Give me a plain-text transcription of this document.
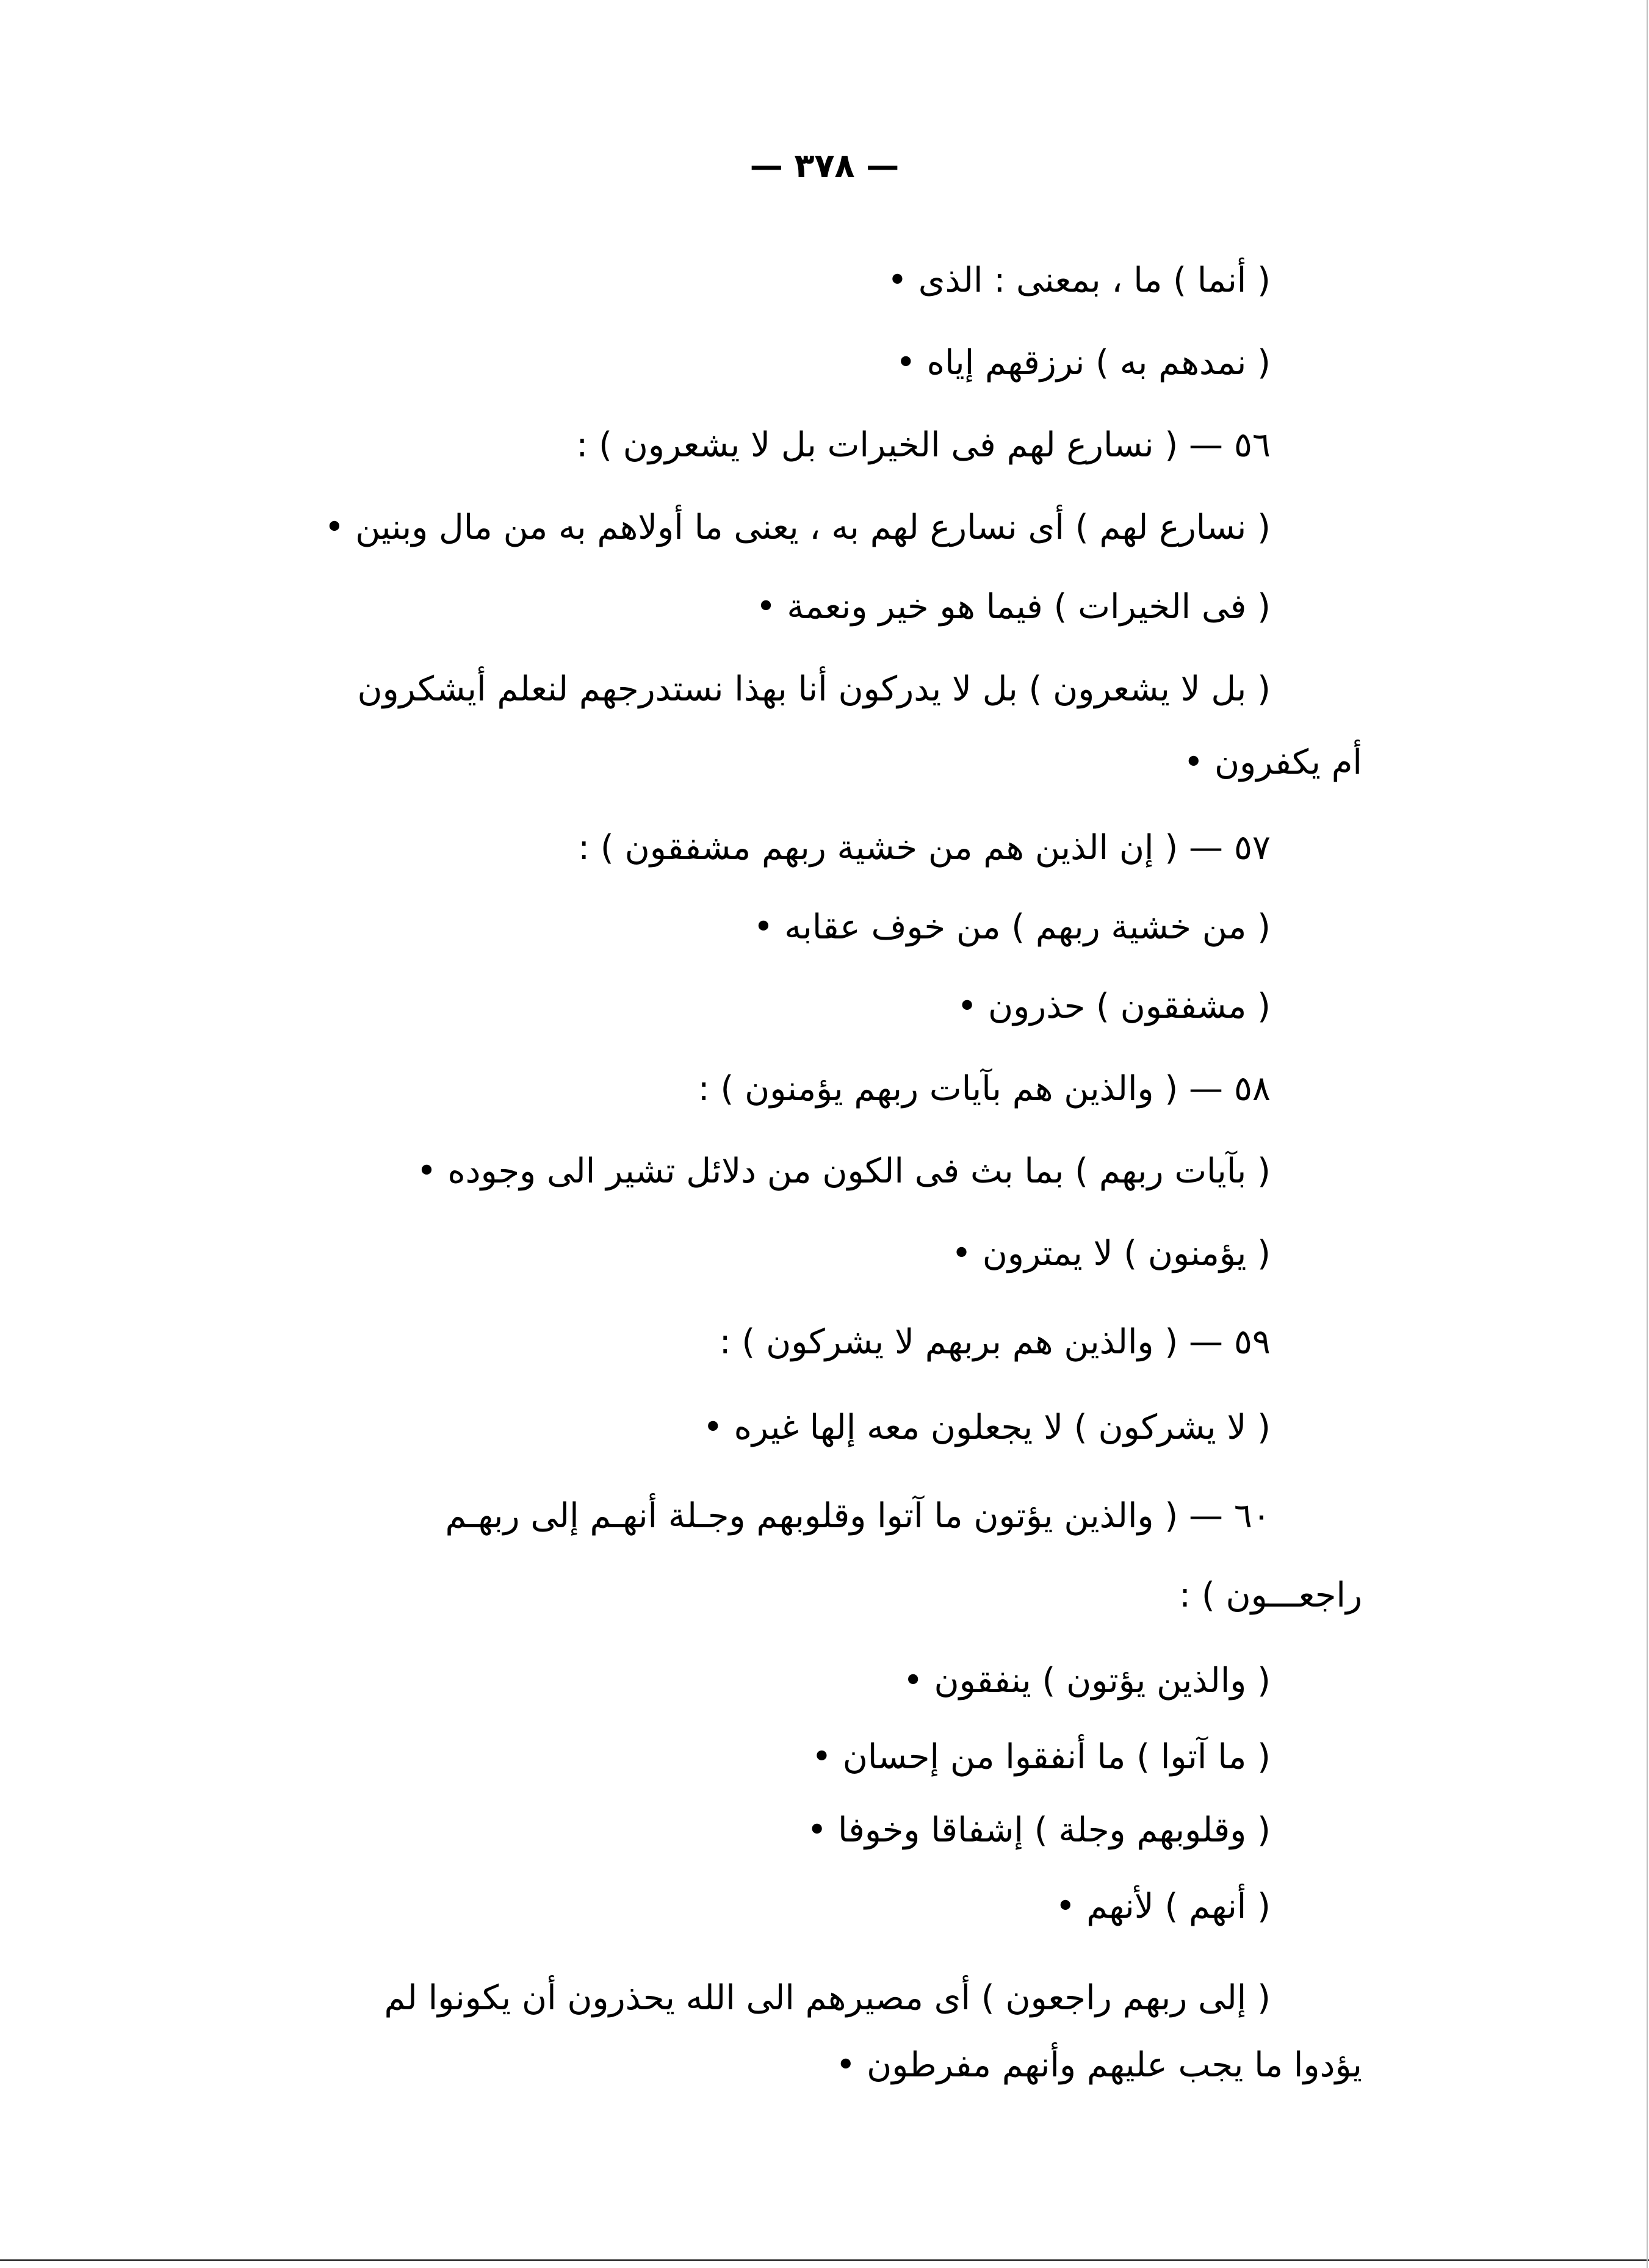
— ٣٧٨ —
( أنما ) ما ، بمعنى : الذى •
( نمدهم به ) نرزقهم إياه •
٥٦ — ( نسارع لهم فى الخيرات بل لا يشعرون ) :
( نسارع لهم ) أى نسارع لهم به ، يعنى ما أولاهم به من مال وبنين •
( فى الخيرات ) فيما هو خير ونعمة •
( بل لا يشعرون ) بل لا يدركون أنا بهذا نستدرجهم لنعلم أيشكرون
أم يكفرون •
٥٧ — ( إن الذين هم من خشية ربهم مشفقون ) :
( من خشية ربهم ) من خوف عقابه •
( مشفقون ) حذرون •
٥٨ — ( والذين هم بآيات ربهم يؤمنون ) :
( بآيات ربهم ) بما بث فى الكون من دلائل تشير الى وجوده •
( يؤمنون ) لا يمترون •
٥٩ — ( والذين هم بربهم لا يشركون ) :
( لا يشركون ) لا يجعلون معه إلها غيره •
٦٠ — ( والذين يؤتون ما آتوا وقلوبهم وجـلة أنهـم إلى ربهـم
راجعـــون ) :
( والذين يؤتون ) ينفقون •
( ما آتوا ) ما أنفقوا من إحسان •
( وقلوبهم وجلة ) إشفاقا وخوفا •
( أنهم ) لأنهم •
( إلى ربهم راجعون ) أى مصيرهم الى الله يحذرون أن يكونوا لم
يؤدوا ما يجب عليهم وأنهم مفرطون •
